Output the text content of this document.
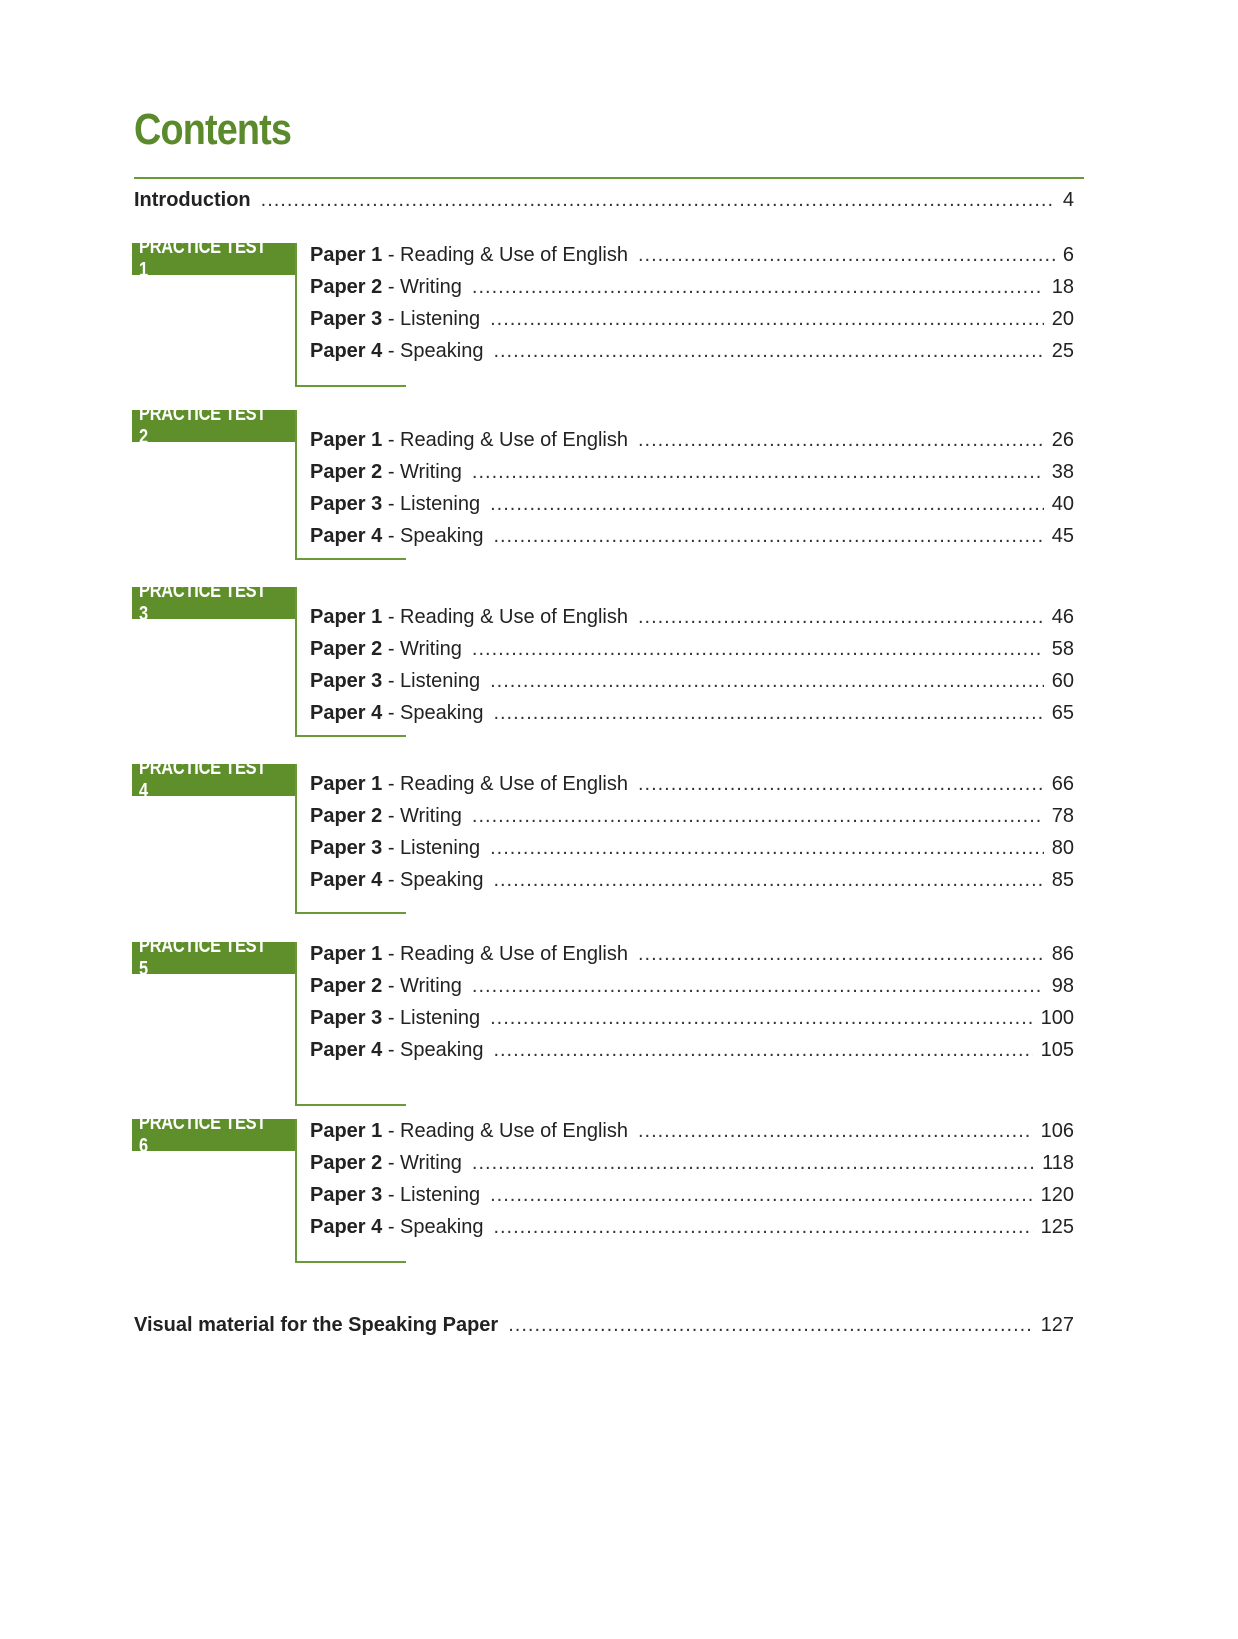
Contents
Introduction .....	4
PRACTICE TEST 1
Paper 1 - Reading & Use of English .....	6
Paper 2 - Writing .....	18
Paper 3 - Listening .....	20
Paper 4 - Speaking .....	25
PRACTICE TEST 2	Paper 1 - Reading & Use of English .....	26
Paper 2 - Writing .....	38
Paper 3 - Listening .....	40
Paper 4 - Speaking .....	45
PRACTICE TEST 3	Paper 1 - Reading & Use of English .....	46
Paper 2 - Writing .....	58
Paper 3 - Listening .....	60
Paper 4 - Speaking .....	65
PRACTICE TEST 4	Paper 1 - Reading & Use of English .....	66
Paper 2 - Writing .....	78
Paper 3 - Listening .....	80
Paper 4 - Speaking .....	85
PRACTICE TEST 5
Paper 1 - Reading & Use of English .....	86
Paper 2 - Writing .....	98
Paper 3 - Listening .....	100
Paper 4 - Speaking .....	105
PRACTICE TEST 6
Paper 1 - Reading & Use of English .....	106
Paper 2 - Writing .....	118
Paper 3 - Listening .....	120
Paper 4 - Speaking .....	125
Visual material for the Speaking Paper .....	127
